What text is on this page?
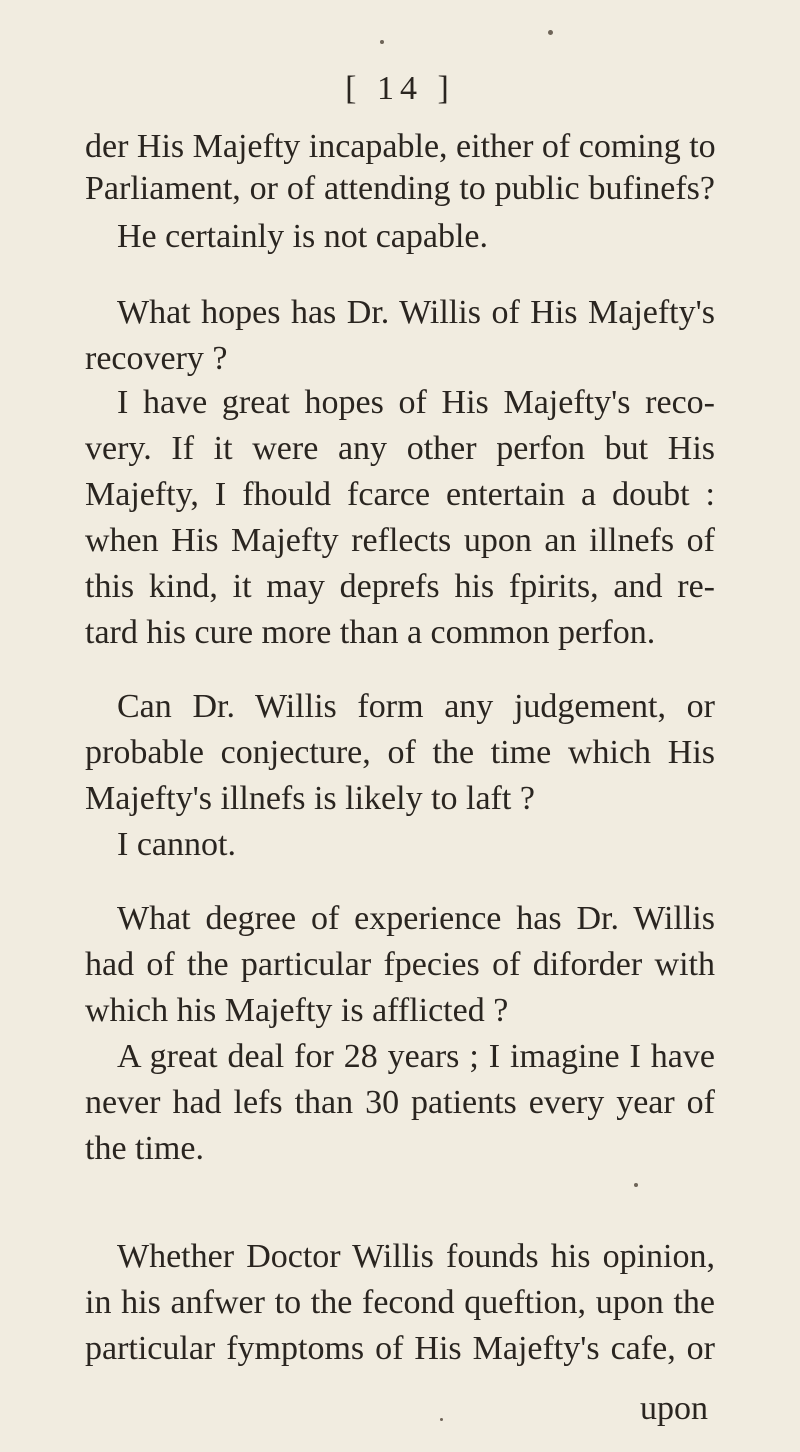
[ 14 ]
der His Majefty incapable, either of coming to
Parliament, or of attending to public bufinefs?
He certainly is not capable.
What hopes has Dr. Willis of His Majefty's
recovery ?
I have great hopes of His Majefty's reco-
very. If it were any other perfon but His
Majefty, I fhould fcarce entertain a doubt :
when His Majefty reflects upon an illnefs of
this kind, it may deprefs his fpirits, and re-
tard his cure more than a common perfon.
Can Dr. Willis form any judgement, or
probable conjecture, of the time which His
Majefty's illnefs is likely to laft ?
I cannot.
What degree of experience has Dr. Willis
had of the particular fpecies of diforder with
which his Majefty is afflicted ?
A great deal for 28 years ; I imagine I have
never had lefs than 30 patients every year of
the time.
Whether Doctor Willis founds his opinion,
in his anfwer to the fecond queftion, upon the
particular fymptoms of His Majefty's cafe, or
upon
